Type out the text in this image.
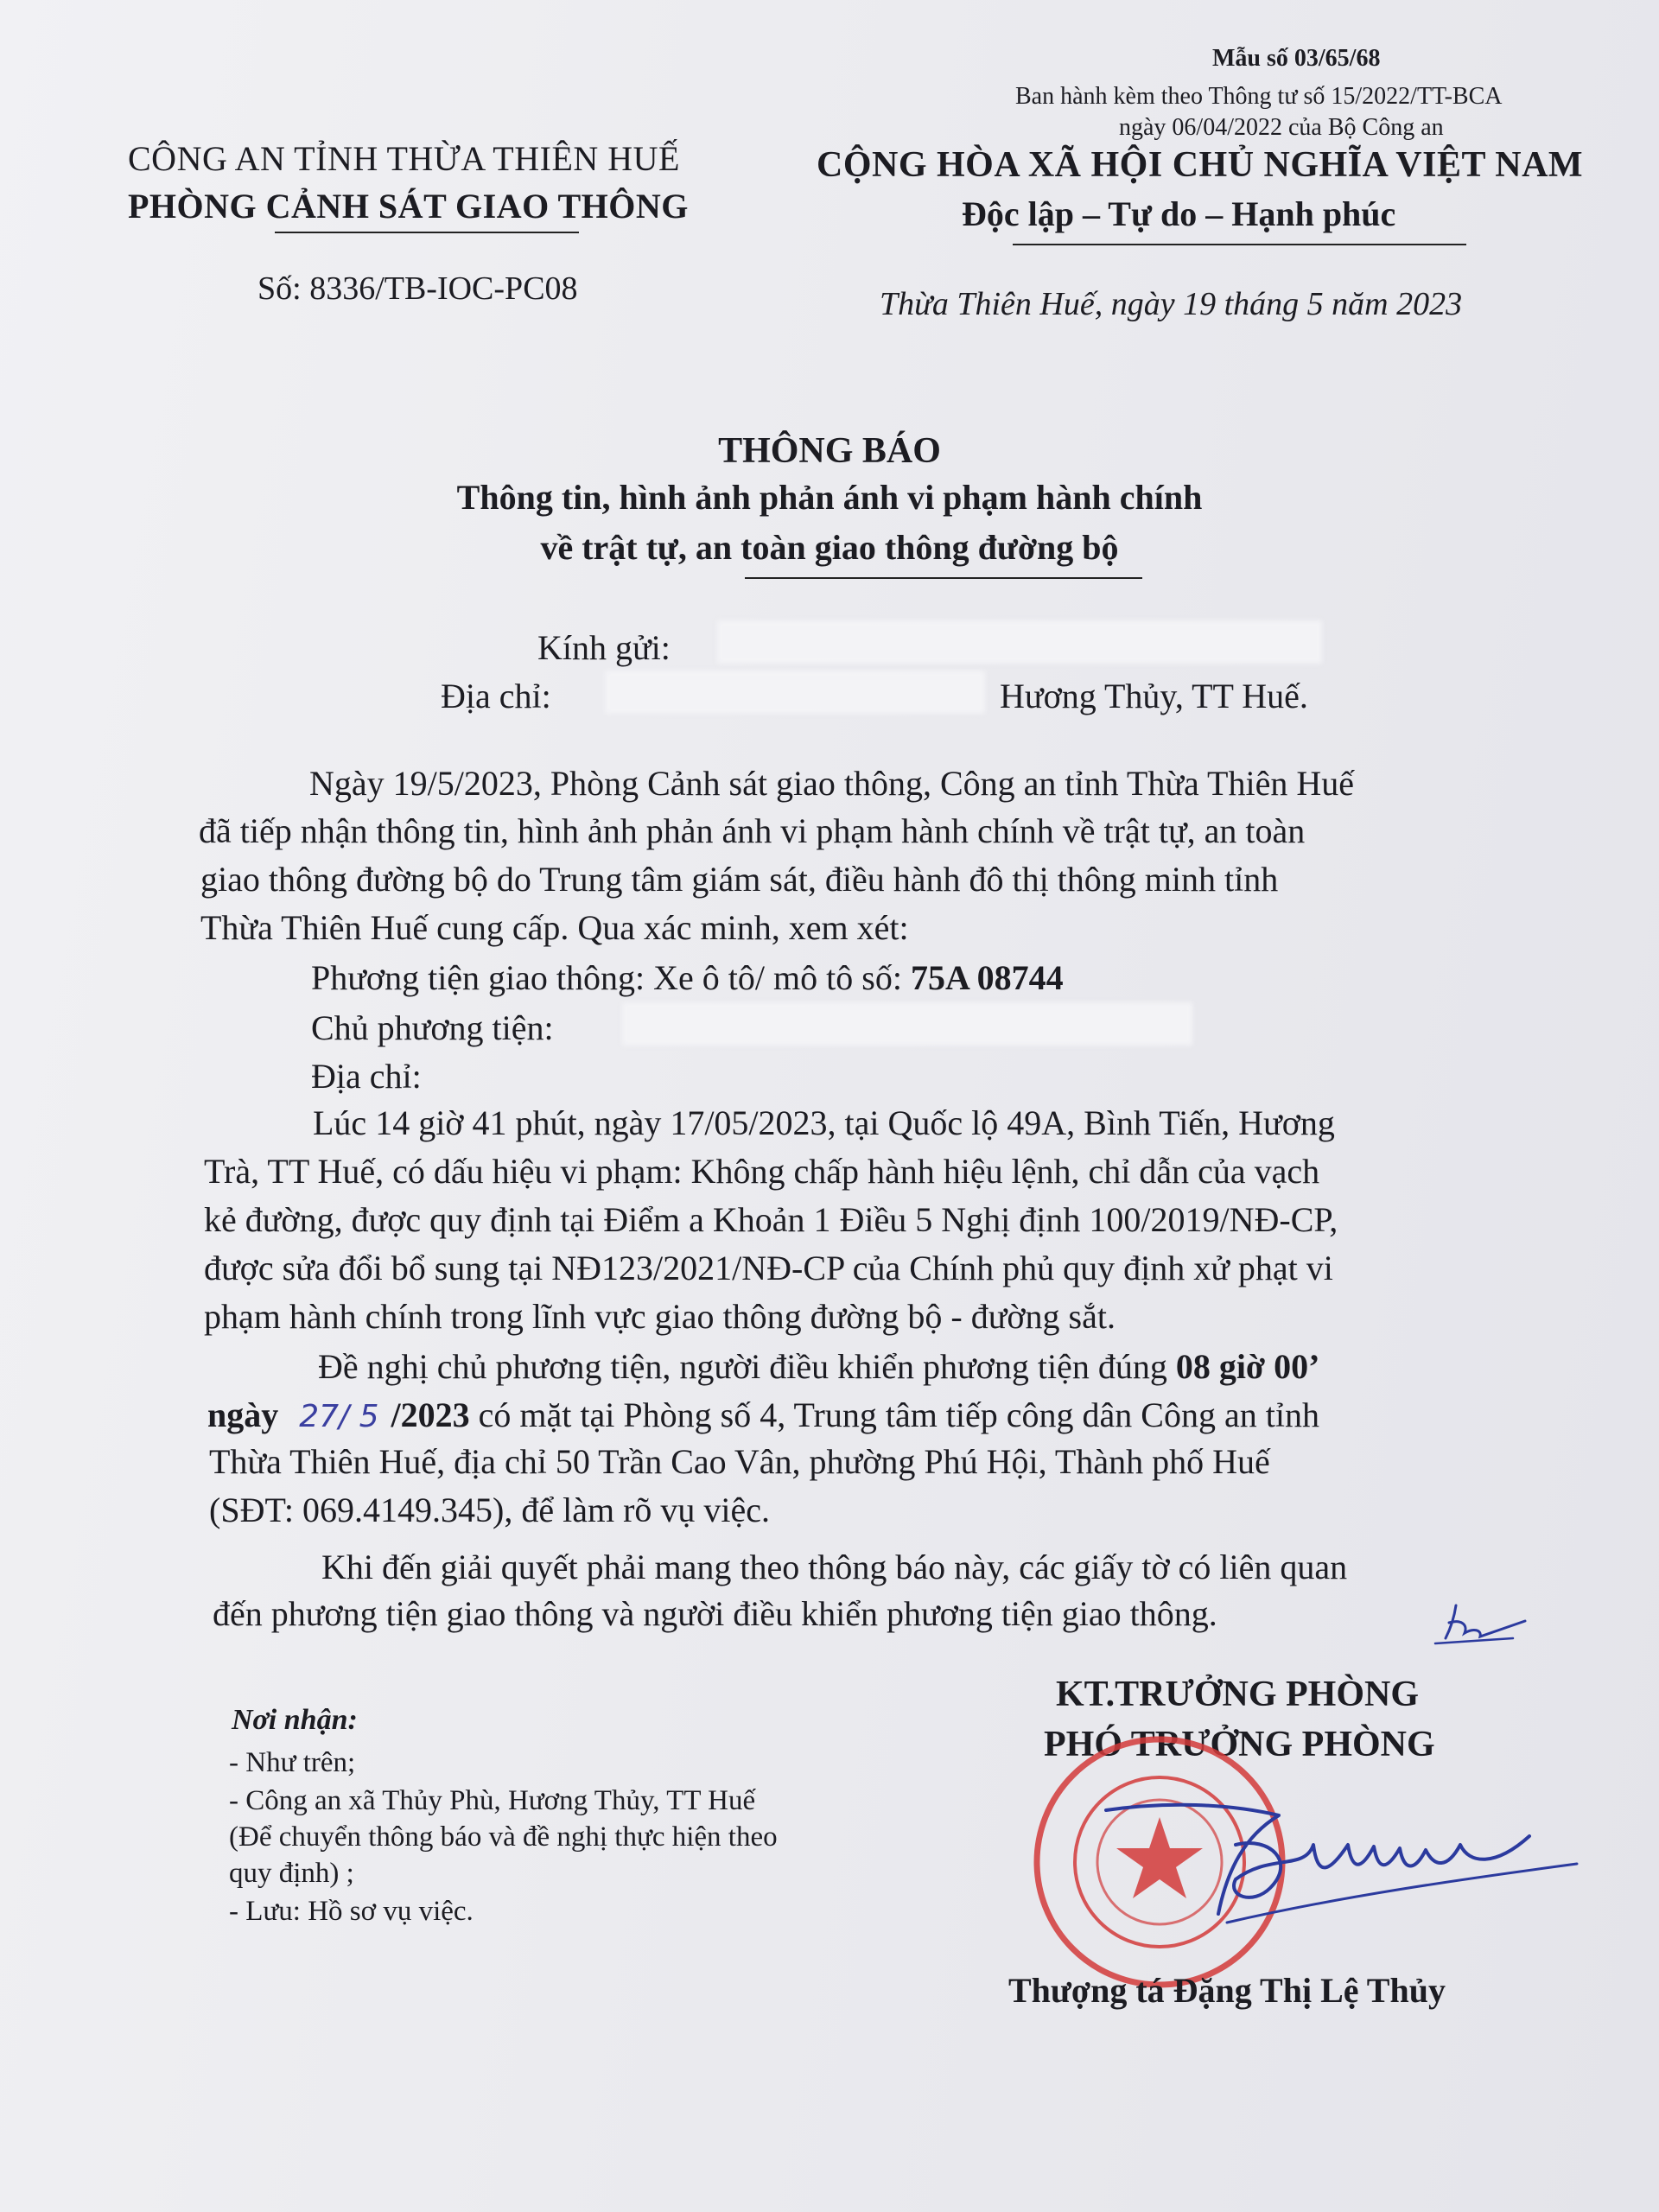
Mẫu số 03/65/68
Ban hành kèm theo Thông tư số 15/2022/TT-BCA
ngày 06/04/2022 của Bộ Công an
CÔNG AN TỈNH THỪA THIÊN HUẾ
PHÒNG CẢNH SÁT GIAO THÔNG
Số: 8336/TB-IOC-PC08
CỘNG HÒA XÃ HỘI CHỦ NGHĨA VIỆT NAM
Độc lập – Tự do – Hạnh phúc
Thừa Thiên Huế, ngày 19 tháng 5 năm 2023
THÔNG BÁO
Thông tin, hình ảnh phản ánh vi phạm hành chính
về trật tự, an toàn giao thông đường bộ
Kính gửi:
Địa chỉ:	Hương Thủy, TT Huế.
Ngày 19/5/2023, Phòng Cảnh sát giao thông, Công an tỉnh Thừa Thiên Huế
đã tiếp nhận thông tin, hình ảnh phản ánh vi phạm hành chính về trật tự, an toàn
giao thông đường bộ do Trung tâm giám sát, điều hành đô thị thông minh tỉnh
Thừa Thiên Huế cung cấp. Qua xác minh, xem xét:
Phương tiện giao thông: Xe ô tô/ mô tô số: 75A 08744
Chủ phương tiện:
Địa chỉ:
Lúc 14 giờ 41 phút, ngày 17/05/2023, tại Quốc lộ 49A, Bình Tiến, Hương
Trà, TT Huế, có dấu hiệu vi phạm: Không chấp hành hiệu lệnh, chỉ dẫn của vạch
kẻ đường, được quy định tại Điểm a Khoản 1 Điều 5 Nghị định 100/2019/NĐ-CP,
được sửa đổi bổ sung tại NĐ123/2021/NĐ-CP của Chính phủ quy định xử phạt vi
phạm hành chính trong lĩnh vực giao thông đường bộ - đường sắt.
Đề nghị chủ phương tiện, người điều khiển phương tiện đúng 08 giờ 00’
ngày 27/ 5 /2023 có mặt tại Phòng số 4, Trung tâm tiếp công dân Công an tỉnh
Thừa Thiên Huế, địa chỉ 50 Trần Cao Vân, phường Phú Hội, Thành phố Huế
(SĐT: 069.4149.345), để làm rõ vụ việc.
Khi đến giải quyết phải mang theo thông báo này, các giấy tờ có liên quan
đến phương tiện giao thông và người điều khiển phương tiện giao thông.
Nơi nhận:
- Như trên;
- Công an xã Thủy Phù, Hương Thủy, TT Huế
(Để chuyển thông báo và đề nghị thực hiện theo
quy định) ;
- Lưu: Hồ sơ vụ việc.
KT.TRƯỞNG PHÒNG
PHÓ TRƯỞNG PHÒNG
Thượng tá Đặng Thị Lệ Thủy
